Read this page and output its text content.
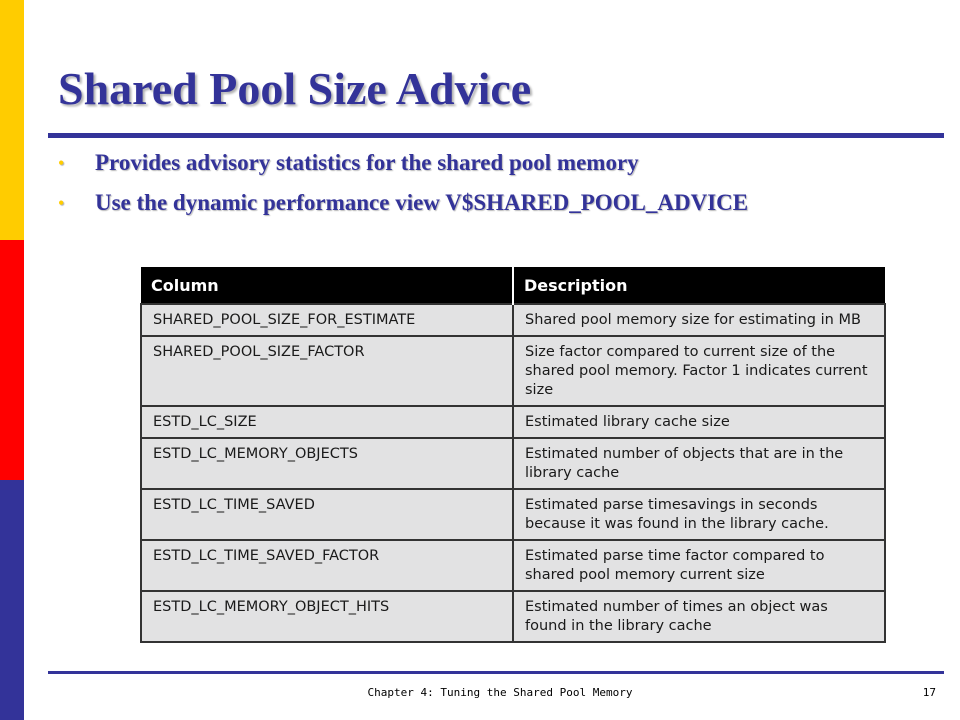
Shared Pool Size Advice
• Provides advisory statistics for the shared pool memory
• Use the dynamic performance view V$SHARED_POOL_ADVICE
Column	Description
SHARED_POOL_SIZE_FOR_ESTIMATE	Shared pool memory size for estimating in MB
SHARED_POOL_SIZE_FACTOR	Size factor compared to current size of the shared pool memory. Factor 1 indicates current size
ESTD_LC_SIZE	Estimated library cache size
ESTD_LC_MEMORY_OBJECTS	Estimated number of objects that are in the library cache
ESTD_LC_TIME_SAVED	Estimated parse timesavings in seconds because it was found in the library cache.
ESTD_LC_TIME_SAVED_FACTOR	Estimated parse time factor compared to shared pool memory current size
ESTD_LC_MEMORY_OBJECT_HITS	Estimated number of times an object was found in the library cache
Chapter 4: Tuning the Shared Pool Memory	17
